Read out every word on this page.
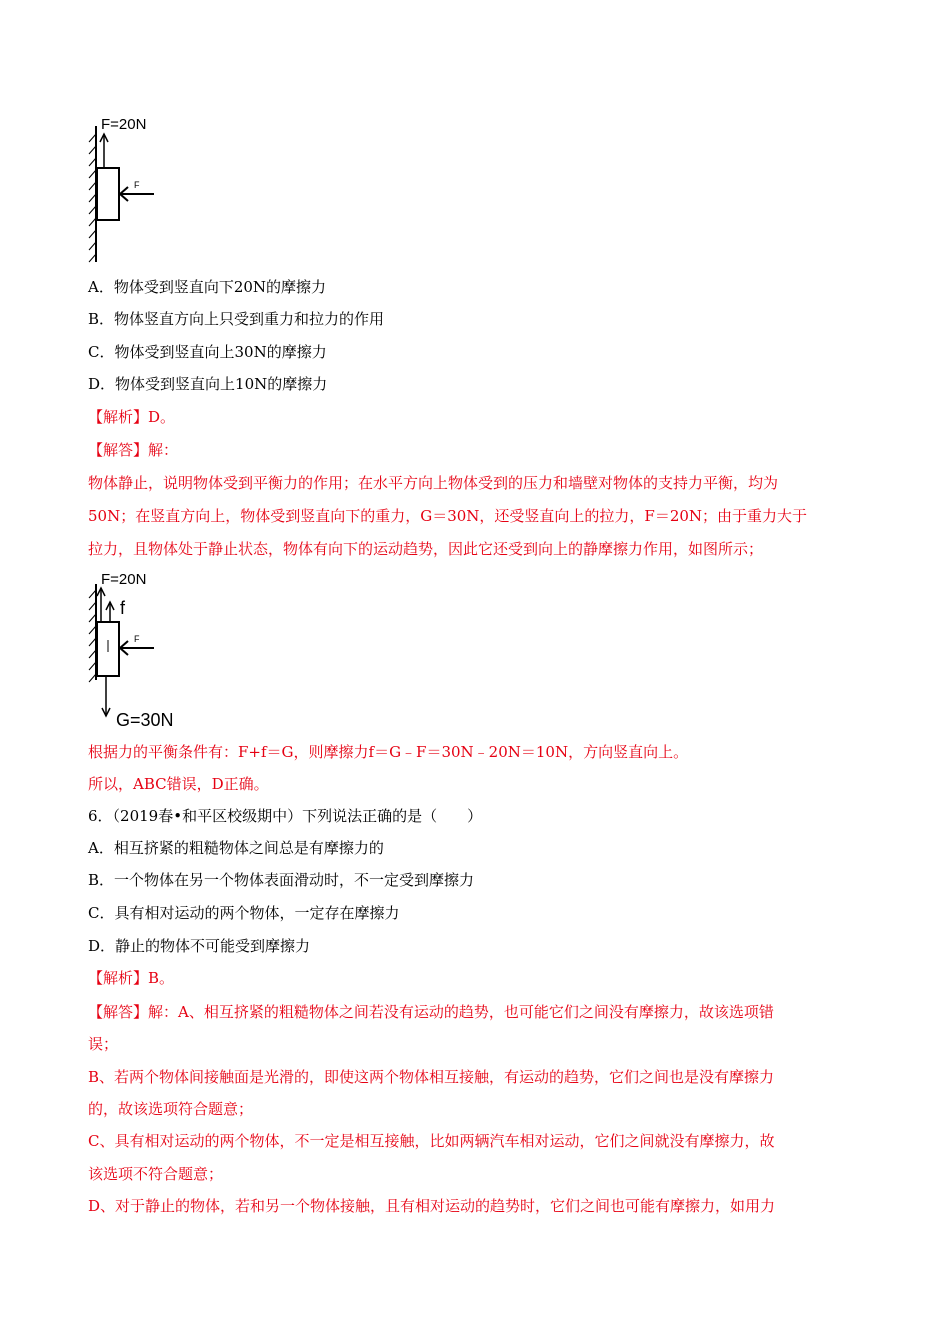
F=20N
F
A．物体受到竖直向下20N的摩擦力
B．物体竖直方向上只受到重力和拉力的作用
C．物体受到竖直向上30N的摩擦力
D．物体受到竖直向上10N的摩擦力
【解析】D。
【解答】解：
物体静止，说明物体受到平衡力的作用；在水平方向上物体受到的压力和墙壁对物体的支持力平衡，均为
50N；在竖直方向上，物体受到竖直向下的重力，G＝30N，还受竖直向上的拉力，F＝20N；由于重力大于
拉力，且物体处于静止状态，物体有向下的运动趋势，因此它还受到向上的静摩擦力作用，如图所示；
F=20N
f
F
G=30N
根据力的平衡条件有：F+f＝G，则摩擦力f＝G﹣F＝30N﹣20N＝10N，方向竖直向上。
所以，ABC错误，D正确。
6．（2019春•和平区校级期中）下列说法正确的是（　　）
A．相互挤紧的粗糙物体之间总是有摩擦力的
B．一个物体在另一个物体表面滑动时，不一定受到摩擦力
C．具有相对运动的两个物体，一定存在摩擦力
D．静止的物体不可能受到摩擦力
【解析】B。
【解答】解：A、相互挤紧的粗糙物体之间若没有运动的趋势，也可能它们之间没有摩擦力，故该选项错
误；
B、若两个物体间接触面是光滑的，即使这两个物体相互接触，有运动的趋势，它们之间也是没有摩擦力
的，故该选项符合题意；
C、具有相对运动的两个物体，不一定是相互接触，比如两辆汽车相对运动，它们之间就没有摩擦力，故
该选项不符合题意；
D、对于静止的物体，若和另一个物体接触，且有相对运动的趋势时，它们之间也可能有摩擦力，如用力
